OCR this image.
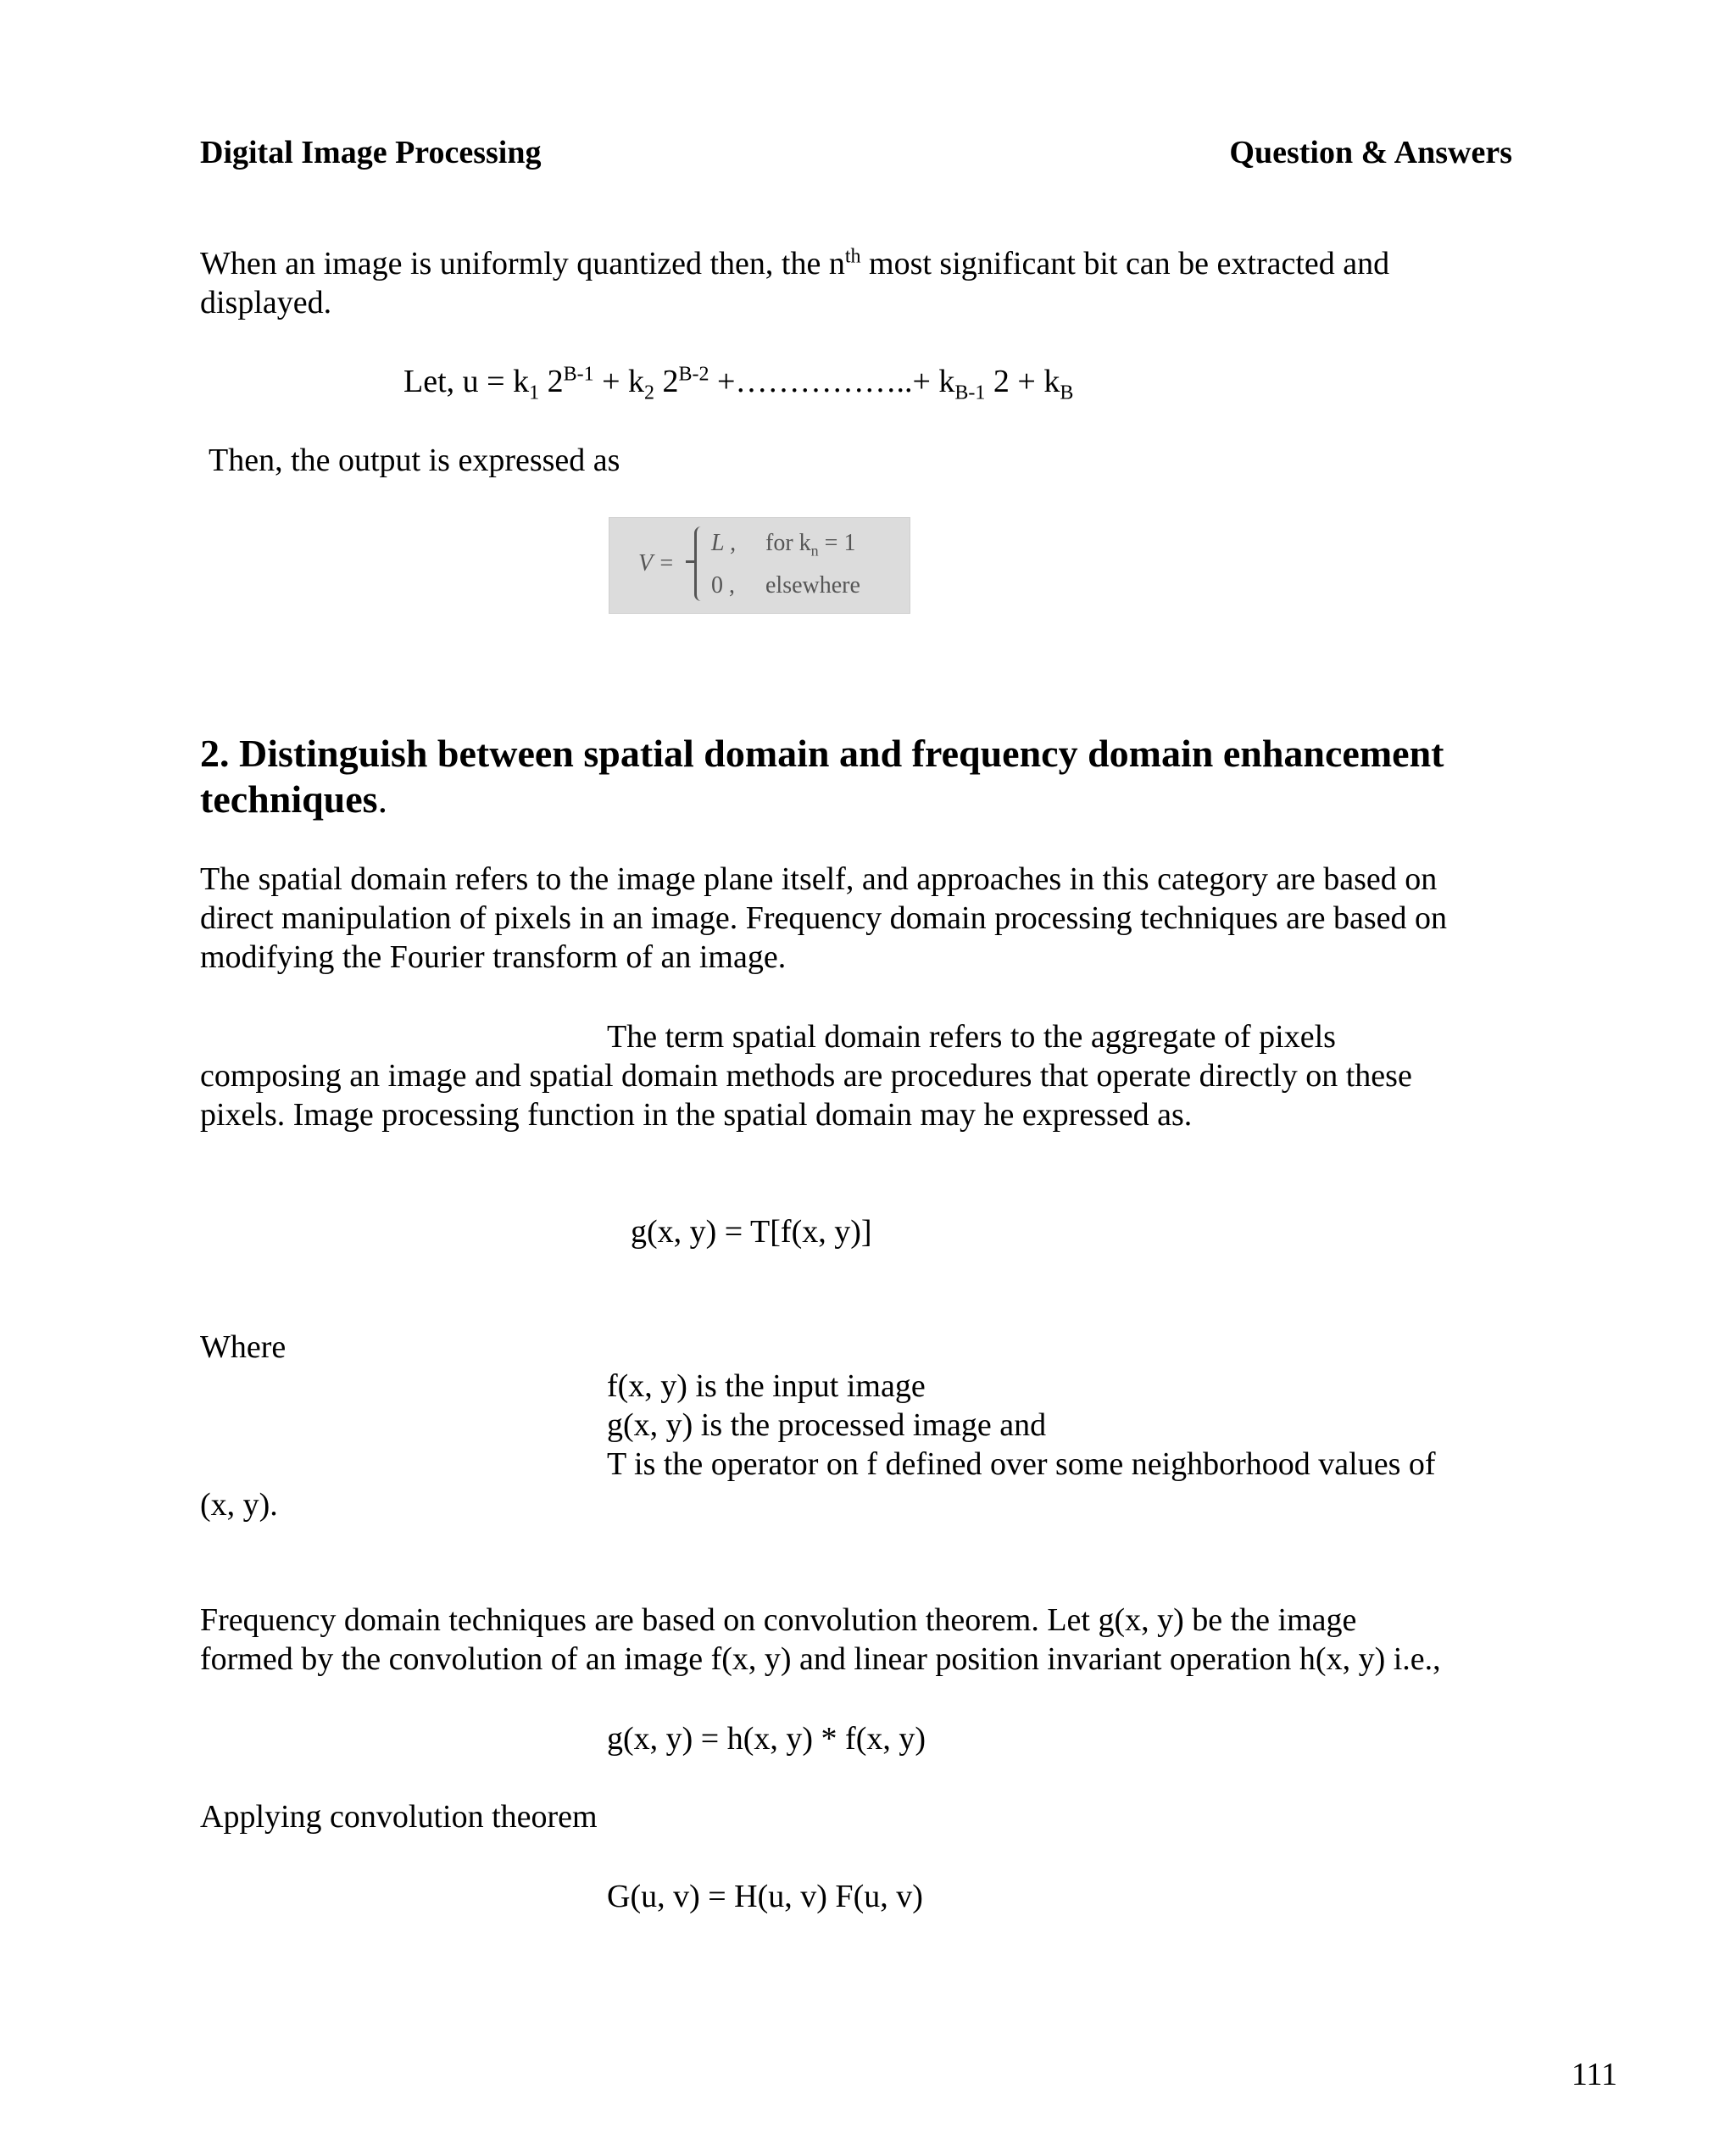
Digital Image Processing	Question & Answers
When an image is uniformly quantized then, the $n^{th}$ most significant bit can be extracted and
displayed.
Let, $u = k_1$ $2^{B-1} + k_2$ $2^{B-2}$ +……………..+ $k_{B-1}$ $2 + k_B$
Then, the output is expressed as
V =
L , for $k_n = 1$
0 , elsewhere
2. Distinguish between spatial domain and frequency domain enhancement
techniques.
The spatial domain refers to the image plane itself, and approaches in this category are based on
direct manipulation of pixels in an image. Frequency domain processing techniques are based on
modifying the Fourier transform of an image.
The term spatial domain refers to the aggregate of pixels
composing an image and spatial domain methods are procedures that operate directly on these
pixels. Image processing function in the spatial domain may he expressed as.
g(x, y) = T[f(x, y)]
Where
f(x, y) is the input image
g(x, y) is the processed image and
T is the operator on f defined over some neighborhood values of
(x, y).
Frequency domain techniques are based on convolution theorem. Let g(x, y) be the image
formed by the convolution of an image f(x, y) and linear position invariant operation h(x, y) i.e.,
g(x, y) = h(x, y) * f(x, y)
Applying convolution theorem
G(u, v) = H(u, v) F(u, v)
111
